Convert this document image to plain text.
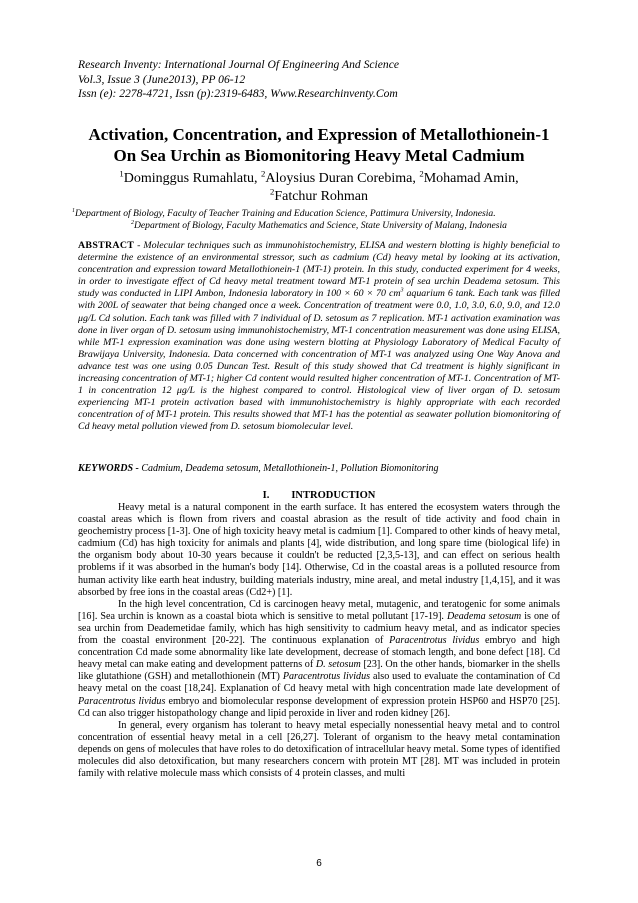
Research Inventy: International Journal Of Engineering And Science
Vol.3, Issue 3 (June2013), PP 06-12
Issn (e): 2278-4721, Issn (p):2319-6483, Www.Researchinventy.Com
Activation, Concentration, and Expression of Metallothionein-1
On Sea Urchin as Biomonitoring Heavy Metal Cadmium
$^1$Dominggus Rumahlatu, $^2$Aloysius Duran Corebima, $^2$Mohamad Amin,
$^2$Fatchur Rohman
$^1$Department of Biology, Faculty of Teacher Training and Education Science, Pattimura University, Indonesia.
$^2$Department of Biology, Faculty Mathematics and Science, State University of Malang, Indonesia
ABSTRACT - Molecular techniques such as immunohistochemistry, ELISA and western blotting is highly beneficial to determine the existence of an environmental stressor, such as cadmium (Cd) heavy metal by looking at its activation, concentration and expression toward Metallothionein-1 (MT-1) protein. In this study, conducted experiment for 4 weeks, in order to investigate effect of Cd heavy metal treatment toward MT-1 protein of sea urchin Deadema setosum. This study was conducted in LIPI Ambon, Indonesia laboratory in 100 × 60 × 70 $cm^3$ aquarium 6 tank. Each tank was filled with 200L of seawater that being changed once a week. Concentration of treatment were 0.0, 1.0, 3.0, 6.0, 9.0, and 12.0 μg/L Cd solution. Each tank was filled with 7 individual of D. setosum as 7 replication. MT-1 activation examination was done in liver organ of D. setosum using immunohistochemistry, MT-1 concentration measurement was done using ELISA, while MT-1 expression examination was done using western blotting at Physiology Laboratory of Medical Faculty of Brawijaya University, Indonesia. Data concerned with concentration of MT-1 was analyzed using One Way Anova and advance test was one using 0.05 Duncan Test. Result of this study showed that Cd treatment is highly significant in increasing concentration of MT-1; higher Cd content would resulted higher concentration of MT-1. Concentration of MT-1 in concentration 12 μg/L is the highest compared to control. Histological view of liver organ of D. setosum experiencing MT-1 protein activation based with immunohistochemistry is highly appropriate with each recorded concentration of of MT-1 protein. This results showed that MT-1 has the potential as seawater pollution biomonitoring of Cd heavy metal pollution viewed from D. setosum biomolecular level.
KEYWORDS - Cadmium, Deadema setosum, Metallothionein-1, Pollution Biomonitoring
I. INTRODUCTION

Heavy metal is a natural component in the earth surface. It has entered the ecosystem waters through the coastal areas which is flown from rivers and coastal abrasion as the result of tide activity and food chain in geochemistry process [1-3]. One of high toxicity heavy metal is cadmium [1]. Compared to other kinds of heavy metal, cadmium (Cd) has high toxicity for animals and plants [4], wide distribution, and long spare time (biological life) in the organism body about 10-30 years because it couldn't be reducted [2,3,5-13], and can effect on serious health problems if it was absorbed in the human's body [14]. Otherwise, Cd in the coastal areas is a polluted resource from human activity like earth heat industry, building materials industry, mine areal, and metal industry [1,4,15], and it was absorbed by free ions in the coastal areas (Cd2+) [1].

In the high level concentration, Cd is carcinogen heavy metal, mutagenic, and teratogenic for some animals [16]. Sea urchin is known as a coastal biota which is sensitive to metal pollutant [17-19]. Deadema setosum is one of sea urchin from Deademetidae family, which has high sensitivity to cadmium heavy metal, and as indicator species from the coastal environment [20-22]. The continuous explanation of Paracentrotus lividus embryo and high concentration Cd made some abnormality like late development, decrease of stomach length, and bone defect [18]. Cd heavy metal can make eating and development patterns of D. setosum [23]. On the other hands, biomarker in the shells like glutathione (GSH) and metallothionein (MT) Paracentrotus lividus also used to evaluate the contamination of Cd heavy metal on the coast [18,24]. Explanation of Cd heavy metal with high concentration made late development of Paracentrotus lividus embryo and biomolecular response development of expression protein HSP60 and HSP70 [25]. Cd can also trigger histopathology change and lipid peroxide in liver and roden kidney [26].

In general, every organism has tolerant to heavy metal especially nonessential heavy metal and to control concentration of essential heavy metal in a cell [26,27]. Tolerant of organism to the heavy metal contamination depends on gens of molecules that have roles to do detoxification of intracellular heavy metal. Some types of identified molecules did also detoxification, but many researchers concern with protein MT [28]. MT was included in protein family with relative molecule mass which consists of 4 protein classes, and multi

6
